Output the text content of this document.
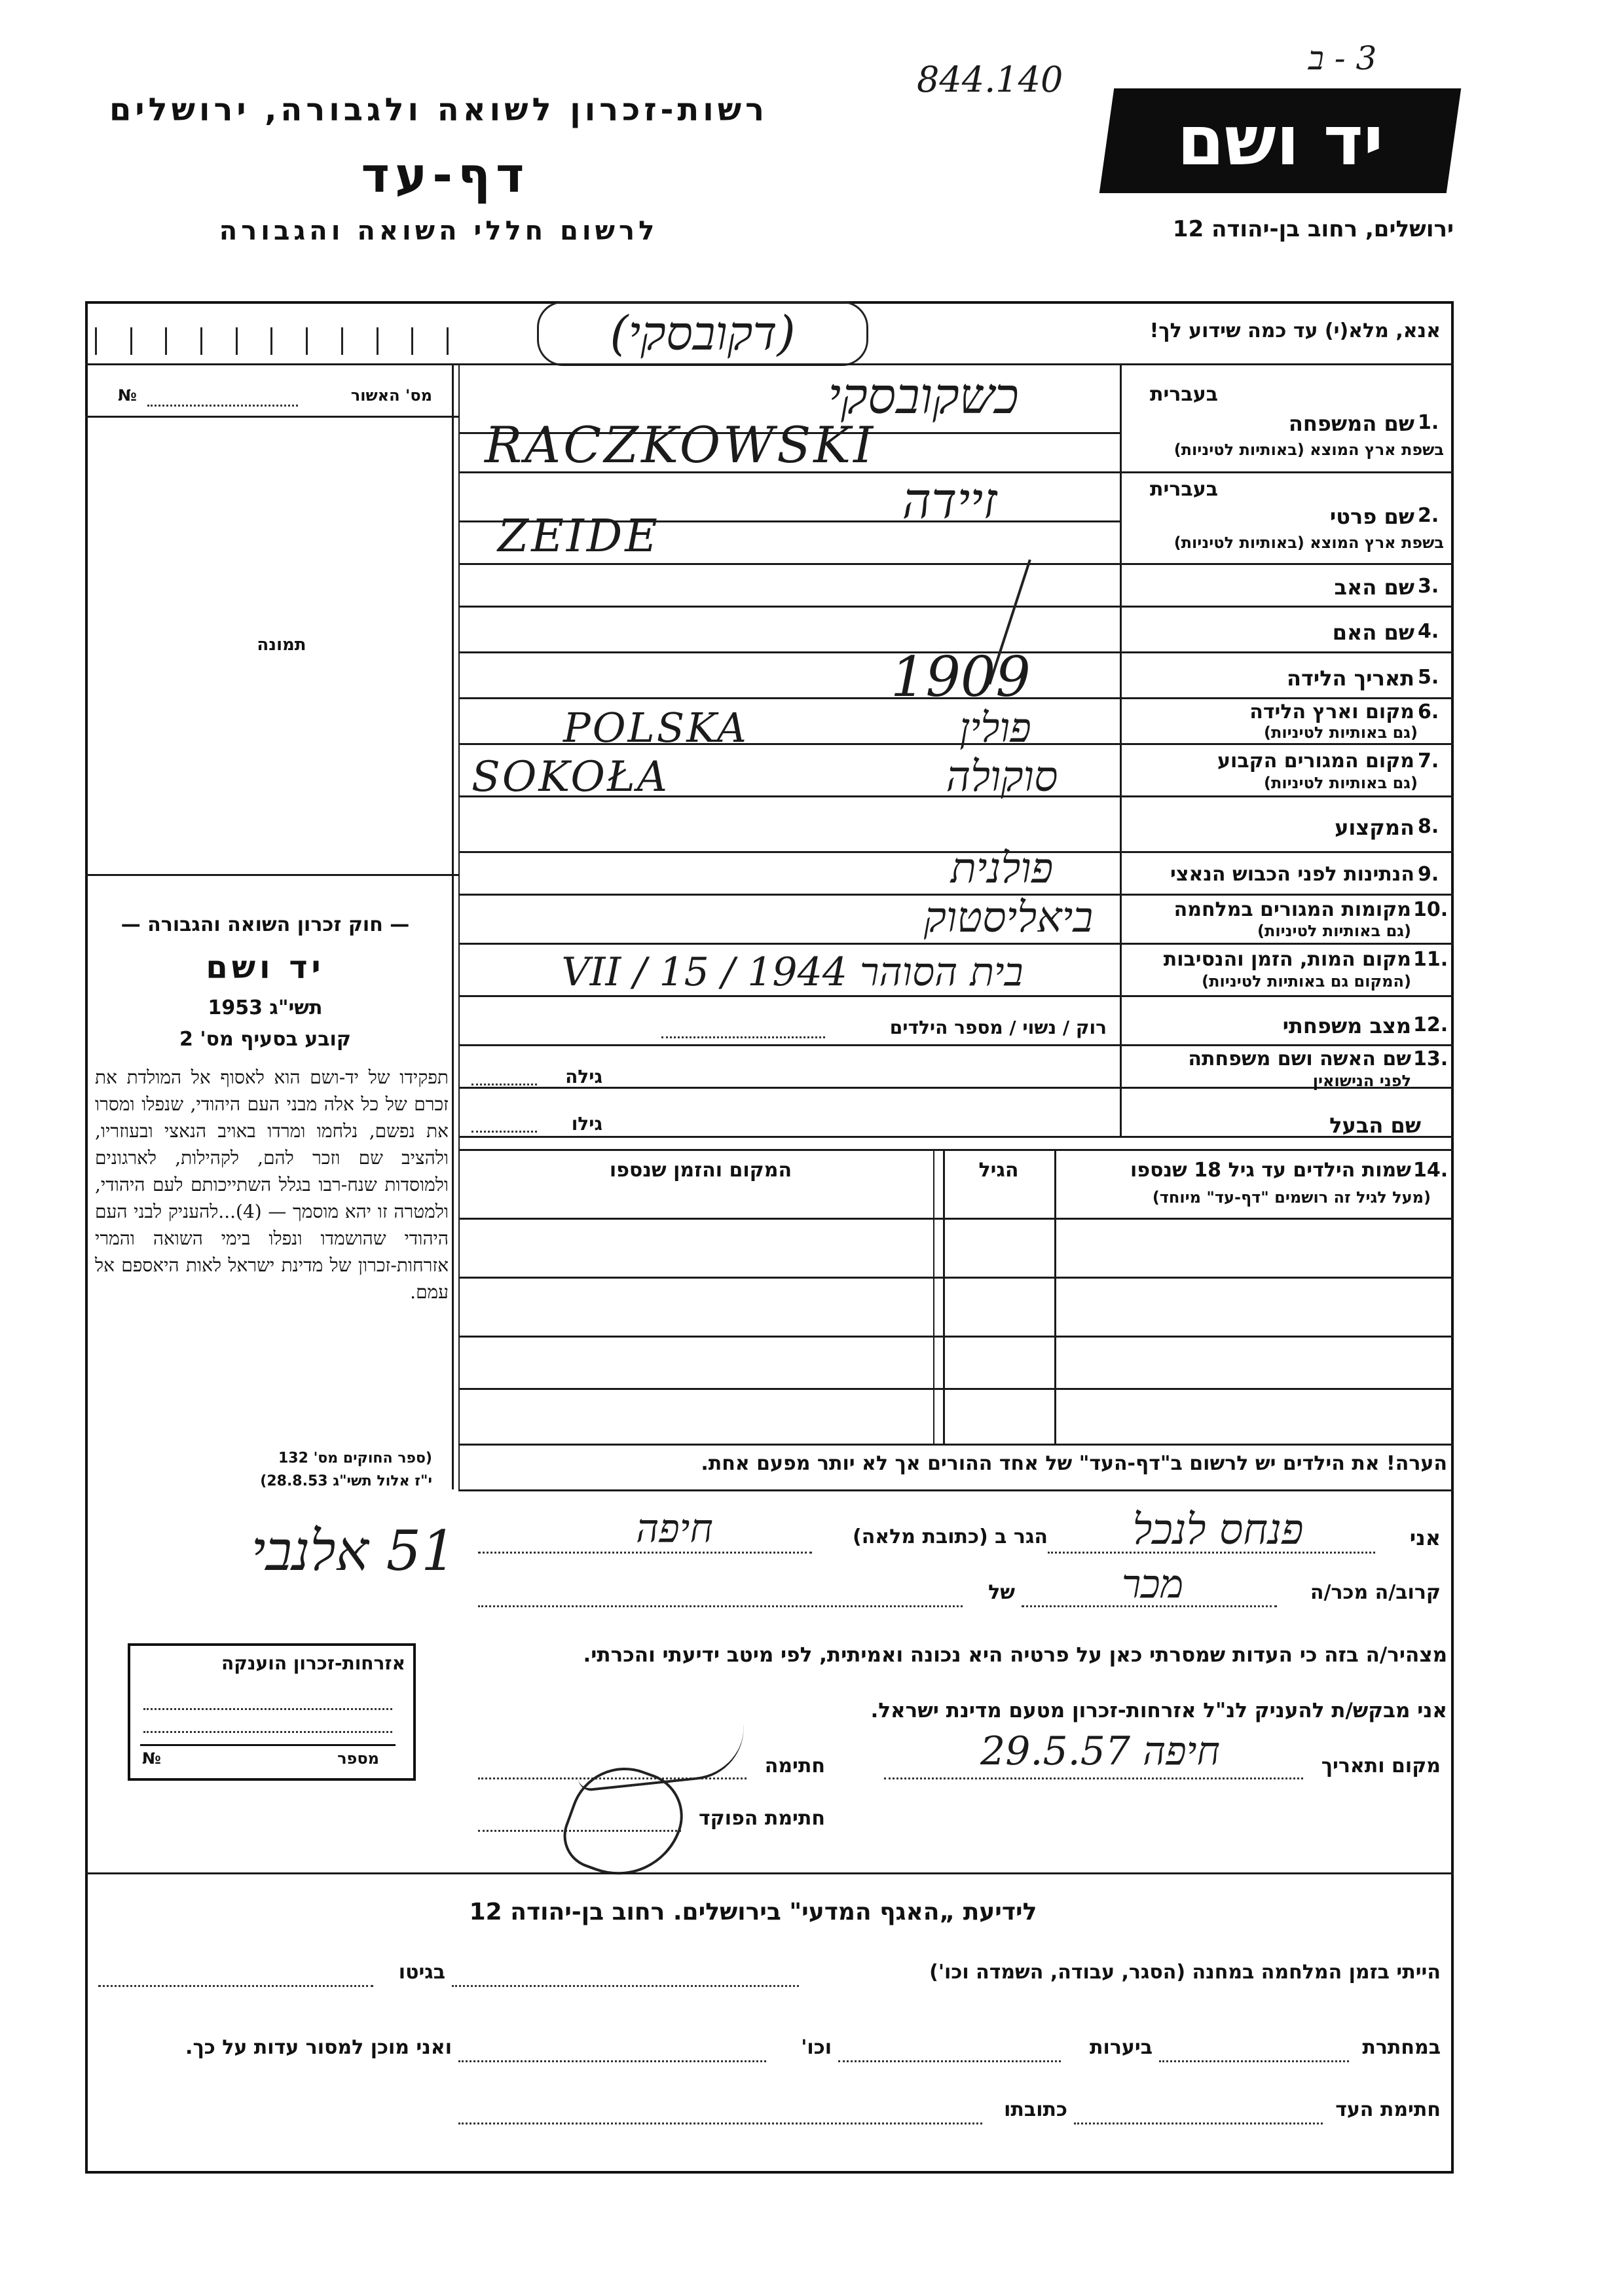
רשות-זכרון לשואה ולגבורה, ירושלים
דף-עד
לרשום חללי השואה והגבורה
844.140
3 - ב
יד ושם
ירושלים, רחוב בן-יהודה 12
אנא, מלא(י) עד כמה שידוע לך!
(דקובסקי)
מס' האשור
№
תמונה
— חוק זכרון השואה והגבורה —
יד ושם
תשי"ג 1953
קובע בסעיף מס' 2
תפקידו של יד-ושם הוא לאסוף אל המולדת את זכרם של כל אלה מבני העם היהודי, שנפלו ומסרו את נפשם, נלחמו ומרדו באויב הנאצי ובעוזריו, ולהציב שם וזכר להם, לקהילות, לארגונים ולמוסדות שנח-רבו בגלל השתייכותם לעם היהודי, ולמטרה זו יהא מוסמך — (4)...להעניק לבני העם היהודי שהושמדו ונפלו בימי השואה והמרי אזרחות-זכרון של מדינת ישראל לאות היאספם אל עמם.
(ספר החוקים מס' 132
י"ז אלול תשי"ג 28.8.53)
51 אלנבי
אזרחות-זכרון הוענקה
מספר
№
בעברית
1.
שם המשפחה
בשפת ארץ המוצא (באותיות לטיניות)
כשקובסקי
RACZKOWSKI
בעברית
2.
שם פרטי
בשפת ארץ המוצא (באותיות לטיניות)
זיידה
ZEIDE
3.
שם האב
4.
שם האם
5.
תאריך הלידה
1909
6.
מקום וארץ הלידה
(גם באותיות לטיניות)
POLSKA	פולין
7.
מקום המגורים הקבוע
(גם באותיות לטיניות)
SOKOŁA	סוקולה
8.
המקצוע
9.
הנתינות לפני הכבוש הנאצי
פולנית
10.
מקומות המגורים במלחמה
(גם באותיות לטיניות)
ביאליסטוק
11.
מקום המות, הזמן והנסיבות
(המקום גם באותיות לטיניות)
בית הסוהר 1944 / 15 / VII
12.
מצב משפחתי
רוק / נשוי / מספר הילדים
13.
שם האשה ושם משפחתה
לפני הנישואין
גילה
שם הבעל
גילו
14.
שמות הילדים עד גיל 18 שנספו
(מעל לגיל זה רושמים "דף-עד" מיוחד)
הגיל
המקום והזמן שנספו
הערה! את הילדים יש לרשום ב"דף-העד" של אחד ההורים אך לא יותר מפעם אחת.
אני
פנחס לנכל
הגר ב (כתובת מלאה)
חיפה
קרוב/ה מכר/ה
מכר
של
מצהיר/ה בזה כי העדות שמסרתי כאן על פרטיה היא נכונה ואמיתית, לפי מיטב ידיעתי והכרתי.
אני מבקש/ת להעניק לנ"ל אזרחות-זכרון מטעם מדינת ישראל.
מקום ותאריך
חיפה 29.5.57
חתימה
חתימת הפוקד
לידיעת „האגף המדעי" בירושלים. רחוב בן-יהודה 12
הייתי בזמן המלחמה במחנה (הסגר, עבודה, השמדה וכו')
בגיטו
במחתרת
ביערות
וכו'
ואני מוכן למסור עדות על כך.
חתימת העד
כתובתו
